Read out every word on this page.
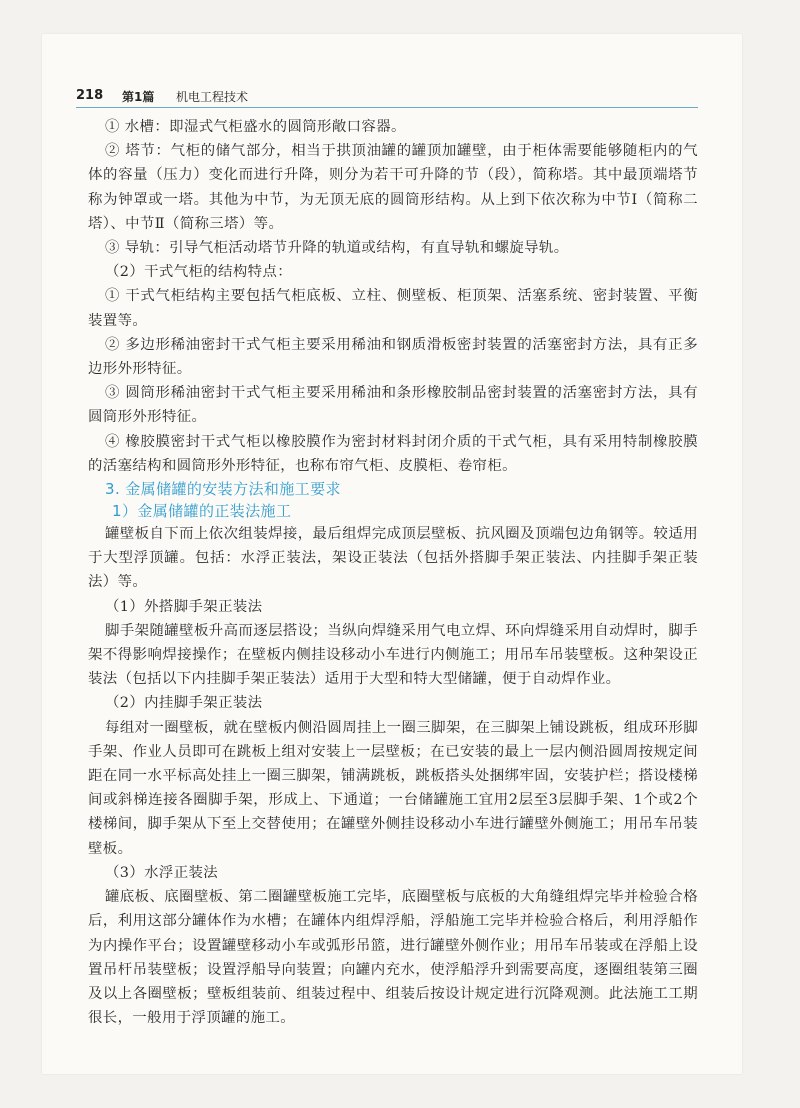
218 第1篇 机电工程技术

① 水槽：即湿式气柜盛水的圆筒形敞口容器。

② 塔节：气柜的储气部分，相当于拱顶油罐的罐顶加罐壁，由于柜体需要能够随柜内的气体的容量（压力）变化而进行升降，则分为若干可升降的节（段），简称塔。其中最顶端塔节称为钟罩或一塔。其他为中节，为无顶无底的圆筒形结构。从上到下依次称为中节Ⅰ（简称二塔）、中节Ⅱ（简称三塔）等。

③ 导轨：引导气柜活动塔节升降的轨道或结构，有直导轨和螺旋导轨。

（2）干式气柜的结构特点：

① 干式气柜结构主要包括气柜底板、立柱、侧壁板、柜顶架、活塞系统、密封装置、平衡装置等。

② 多边形稀油密封干式气柜主要采用稀油和钢质滑板密封装置的活塞密封方法，具有正多边形外形特征。

③ 圆筒形稀油密封干式气柜主要采用稀油和条形橡胶制品密封装置的活塞密封方法，具有圆筒形外形特征。

④ 橡胶膜密封干式气柜以橡胶膜作为密封材料封闭介质的干式气柜，具有采用特制橡胶膜的活塞结构和圆筒形外形特征，也称布帘气柜、皮膜柜、卷帘柜。

3. 金属储罐的安装方法和施工要求
1）金属储罐的正装法施工

罐壁板自下而上依次组装焊接，最后组焊完成顶层壁板、抗风圈及顶端包边角钢等。较适用于大型浮顶罐。包括：水浮正装法，架设正装法（包括外搭脚手架正装法、内挂脚手架正装法）等。

（1）外搭脚手架正装法

脚手架随罐壁板升高而逐层搭设；当纵向焊缝采用气电立焊、环向焊缝采用自动焊时，脚手架不得影响焊接操作；在壁板内侧挂设移动小车进行内侧施工；用吊车吊装壁板。这种架设正装法（包括以下内挂脚手架正装法）适用于大型和特大型储罐，便于自动焊作业。

（2）内挂脚手架正装法

每组对一圈壁板，就在壁板内侧沿圆周挂上一圈三脚架，在三脚架上铺设跳板，组成环形脚手架、作业人员即可在跳板上组对安装上一层壁板；在已安装的最上一层内侧沿圆周按规定间距在同一水平标高处挂上一圈三脚架，铺满跳板，跳板搭头处捆绑牢固，安装护栏；搭设楼梯间或斜梯连接各圈脚手架，形成上、下通道；一台储罐施工宜用2层至3层脚手架、1个或2个楼梯间，脚手架从下至上交替使用；在罐壁外侧挂设移动小车进行罐壁外侧施工；用吊车吊装壁板。

（3）水浮正装法

罐底板、底圈壁板、第二圈罐壁板施工完毕，底圈壁板与底板的大角缝组焊完毕并检验合格后，利用这部分罐体作为水槽；在罐体内组焊浮船，浮船施工完毕并检验合格后，利用浮船作为内操作平台；设置罐壁移动小车或弧形吊篮，进行罐壁外侧作业；用吊车吊装或在浮船上设置吊杆吊装壁板；设置浮船导向装置；向罐内充水，使浮船浮升到需要高度，逐圈组装第三圈及以上各圈壁板；壁板组装前、组装过程中、组装后按设计规定进行沉降观测。此法施工工期很长，一般用于浮顶罐的施工。
